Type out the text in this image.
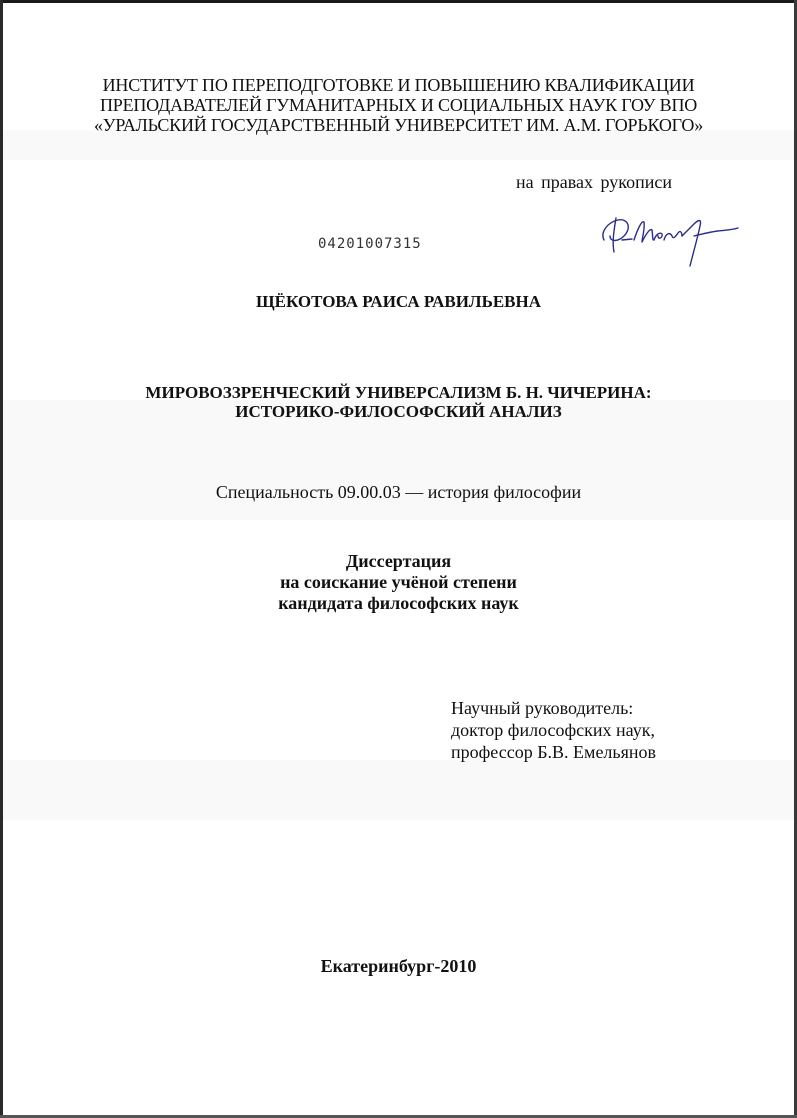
ИНСТИТУТ ПО ПЕРЕПОДГОТОВКЕ И ПОВЫШЕНИЮ КВАЛИФИКАЦИИ
ПРЕПОДАВАТЕЛЕЙ ГУМАНИТАРНЫХ И СОЦИАЛЬНЫХ НАУК ГОУ ВПО
«УРАЛЬСКИЙ ГОСУДАРСТВЕННЫЙ УНИВЕРСИТЕТ ИМ. А.М. ГОРЬКОГО»
на правах рукописи
04201007315
ЩЁКОТОВА РАИСА РАВИЛЬЕВНА
МИРОВОЗЗРЕНЧЕСКИЙ УНИВЕРСАЛИЗМ Б. Н. ЧИЧЕРИНА:
ИСТОРИКО-ФИЛОСОФСКИЙ АНАЛИЗ
Специальность 09.00.03 — история философии
Диссертация
на соискание учёной степени
кандидата философских наук
Научный руководитель:
доктор философских наук,
профессор Б.В. Емельянов
Екатеринбург-2010
